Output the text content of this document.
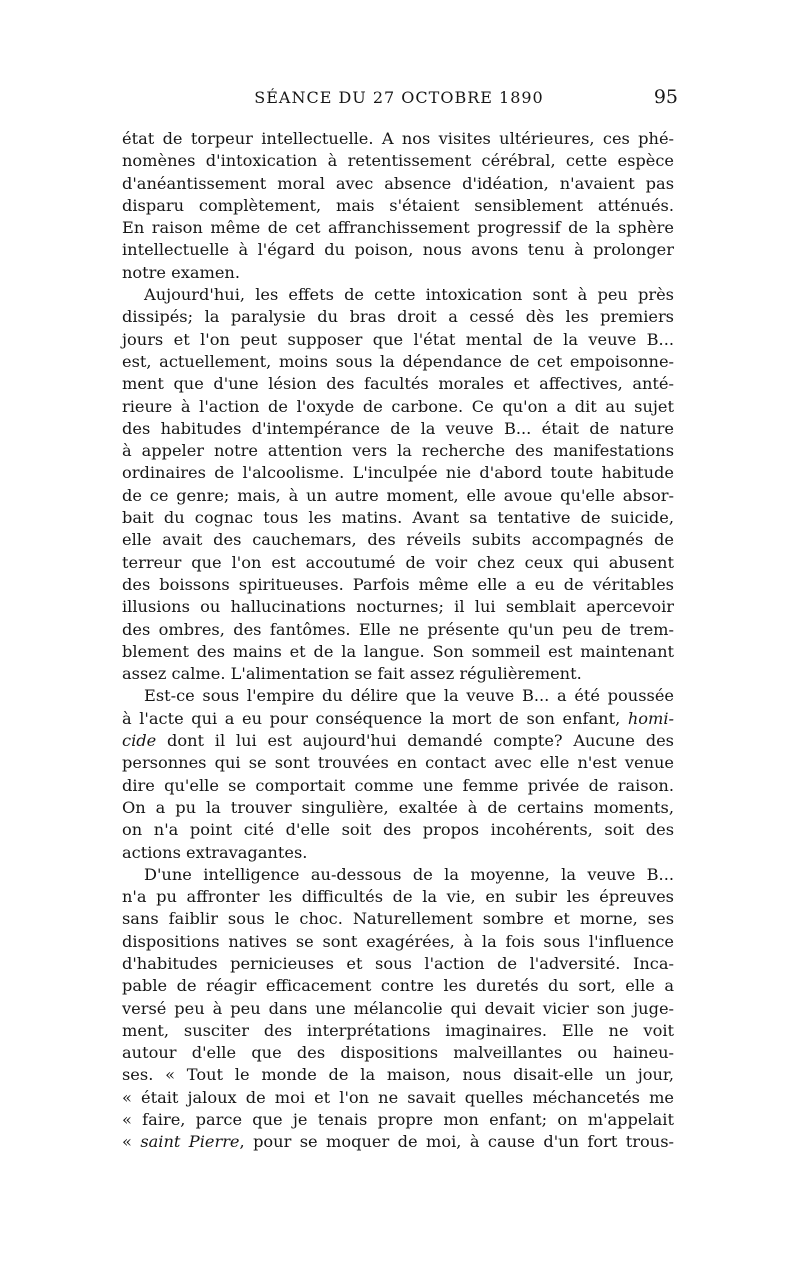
SÉANCE DU 27 OCTOBRE 1890	95
état de torpeur intellectuelle. A nos visites ultérieures, ces phé-
nomènes d'intoxication à retentissement cérébral, cette espèce
d'anéantissement moral avec absence d'idéation, n'avaient pas
disparu complètement, mais s'étaient sensiblement atténués.
En raison même de cet affranchissement progressif de la sphère
intellectuelle à l'égard du poison, nous avons tenu à prolonger
notre examen.
Aujourd'hui, les effets de cette intoxication sont à peu près
dissipés; la paralysie du bras droit a cessé dès les premiers
jours et l'on peut supposer que l'état mental de la veuve B...
est, actuellement, moins sous la dépendance de cet empoisonne-
ment que d'une lésion des facultés morales et affectives, anté-
rieure à l'action de l'oxyde de carbone. Ce qu'on a dit au sujet
des habitudes d'intempérance de la veuve B... était de nature
à appeler notre attention vers la recherche des manifestations
ordinaires de l'alcoolisme. L'inculpée nie d'abord toute habitude
de ce genre; mais, à un autre moment, elle avoue qu'elle absor-
bait du cognac tous les matins. Avant sa tentative de suicide,
elle avait des cauchemars, des réveils subits accompagnés de
terreur que l'on est accoutumé de voir chez ceux qui abusent
des boissons spiritueuses. Parfois même elle a eu de véritables
illusions ou hallucinations nocturnes; il lui semblait apercevoir
des ombres, des fantômes. Elle ne présente qu'un peu de trem-
blement des mains et de la langue. Son sommeil est maintenant
assez calme. L'alimentation se fait assez régulièrement.
Est-ce sous l'empire du délire que la veuve B... a été poussée
à l'acte qui a eu pour conséquence la mort de son enfant, homi-
cide dont il lui est aujourd'hui demandé compte? Aucune des
personnes qui se sont trouvées en contact avec elle n'est venue
dire qu'elle se comportait comme une femme privée de raison.
On a pu la trouver singulière, exaltée à de certains moments,
on n'a point cité d'elle soit des propos incohérents, soit des
actions extravagantes.
D'une intelligence au-dessous de la moyenne, la veuve B...
n'a pu affronter les difficultés de la vie, en subir les épreuves
sans faiblir sous le choc. Naturellement sombre et morne, ses
dispositions natives se sont exagérées, à la fois sous l'influence
d'habitudes pernicieuses et sous l'action de l'adversité. Inca-
pable de réagir efficacement contre les duretés du sort, elle a
versé peu à peu dans une mélancolie qui devait vicier son juge-
ment, susciter des interprétations imaginaires. Elle ne voit
autour d'elle que des dispositions malveillantes ou haineu-
ses. « Tout le monde de la maison, nous disait-elle un jour,
« était jaloux de moi et l'on ne savait quelles méchancetés me
« faire, parce que je tenais propre mon enfant; on m'appelait
« saint Pierre, pour se moquer de moi, à cause d'un fort trous-
